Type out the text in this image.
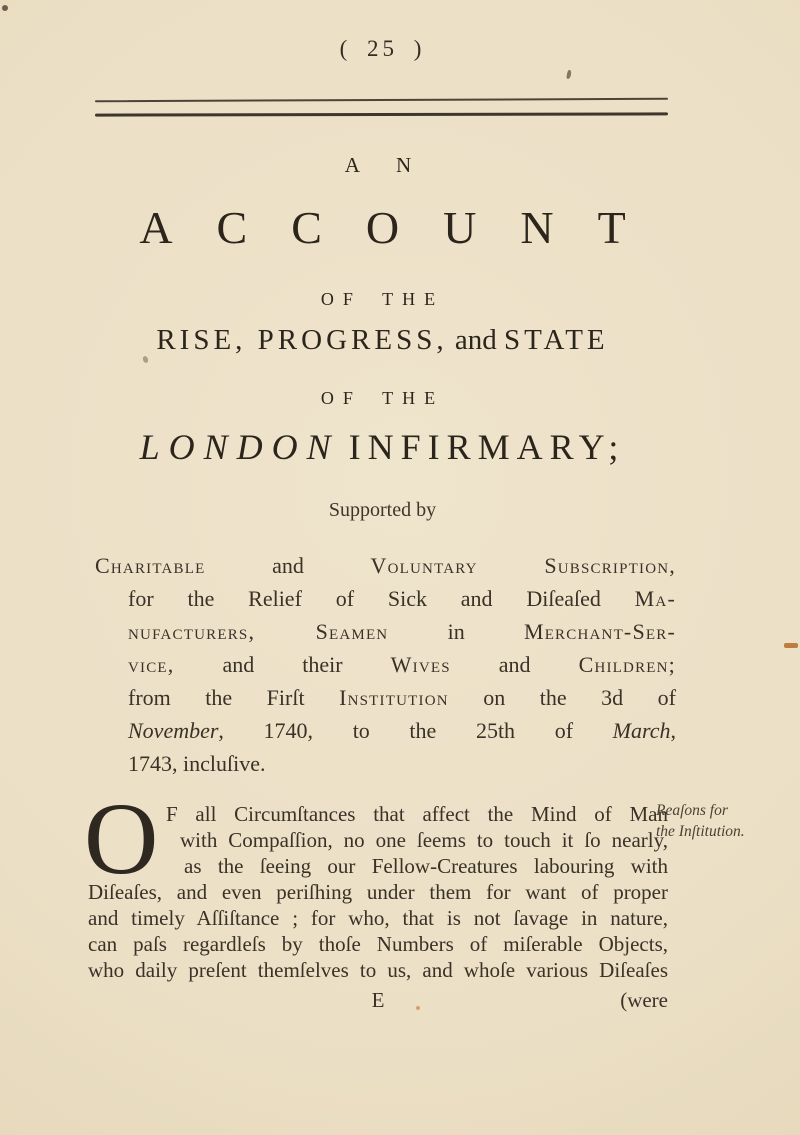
( 25 )
A N
ACCOUNT
OF THE
RISE, PROGRESS, and STATE
OF THE
LONDON INFIRMARY;
Supported by
Charitable and Voluntary	Subscription,
for the Relief of Sick and Diſeaſed Ma-
nufacturers, Seamen in Merchant-Ser-
vice, and their Wives and Children;
from the Firſt Institution on the 3d of
November, 1740, to the 25th of March,
1743, incluſive.
O F all Circumſtances that affect the Mind of Man
with Compaſſion, no one ſeems to touch it ſo nearly,
as the ſeeing our Fellow-Creatures labouring with
Diſeaſes, and even periſhing under them for want of proper
and timely Aſſiſtance ; for who, that is not ſavage in nature,
can paſs regardleſs by thoſe Numbers of miſerable Objects,
who daily preſent themſelves to us, and whoſe various Diſeaſes
Reaſons for
the Inſtitution.
E	(were
